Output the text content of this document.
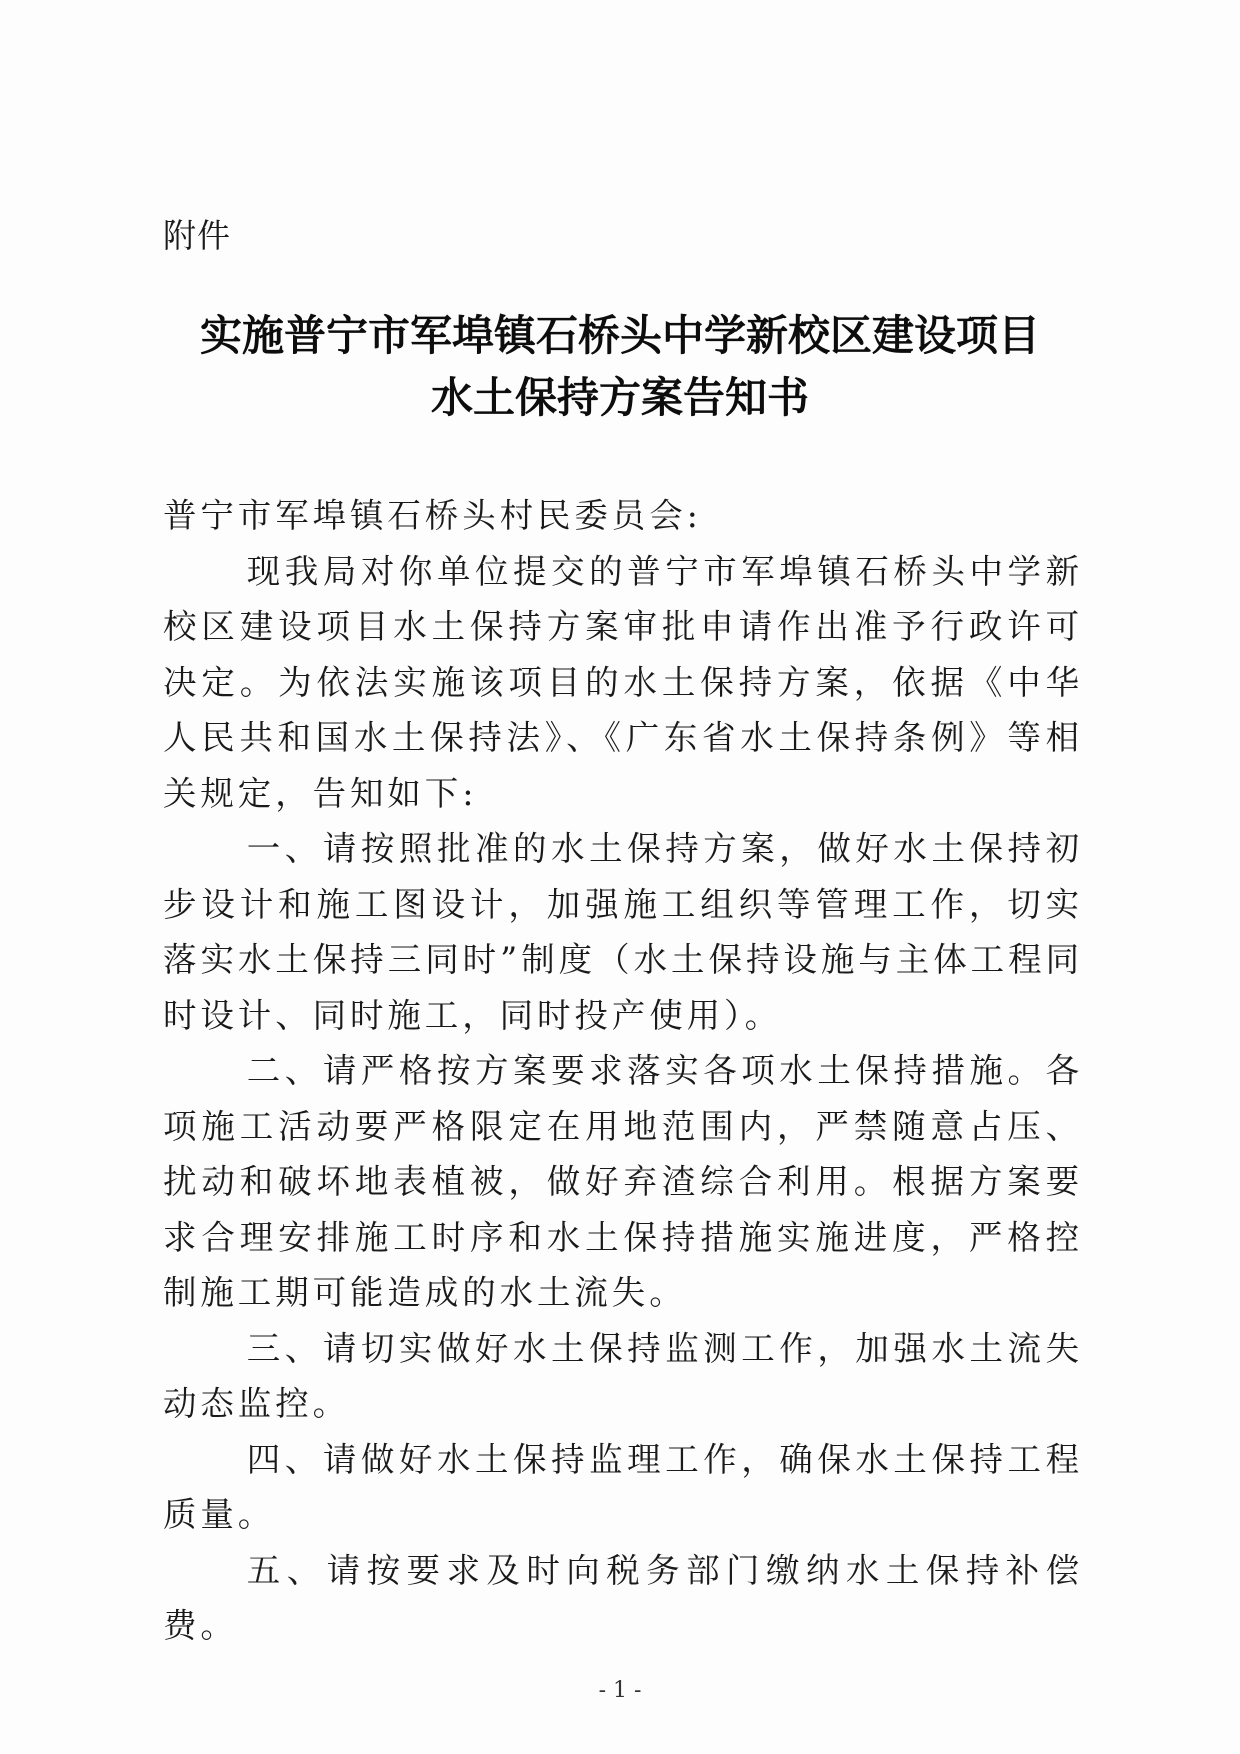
附件
实施普宁市军埠镇石桥头中学新校区建设项目
水土保持方案告知书

普宁市军埠镇石桥头村民委员会:

现我局对你单位提交的普宁市军埠镇石桥头中学新校区建设项目水土保持方案审批申请作出准予行政许可决定。为依法实施该项目的水土保持方案，依据《中华人民共和国水土保持法》、《广东省水土保持条例》等相关规定，告知如下:

一、请按照批准的水土保持方案，做好水土保持初步设计和施工图设计，加强施工组织等管理工作，切实落实水土保持三同时”制度（水土保持设施与主体工程同时设计、同时施工，同时投产使用）。

二、请严格按方案要求落实各项水土保持措施。各项施工活动要严格限定在用地范围内，严禁随意占压、扰动和破坏地表植被，做好弃渣综合利用。根据方案要求合理安排施工时序和水土保持措施实施进度，严格控制施工期可能造成的水土流失。

三、请切实做好水土保持监测工作，加强水土流失动态监控。

四、请做好水土保持监理工作，确保水土保持工程质量。

五、请按要求及时向税务部门缴纳水土保持补偿费。

- 1 -
